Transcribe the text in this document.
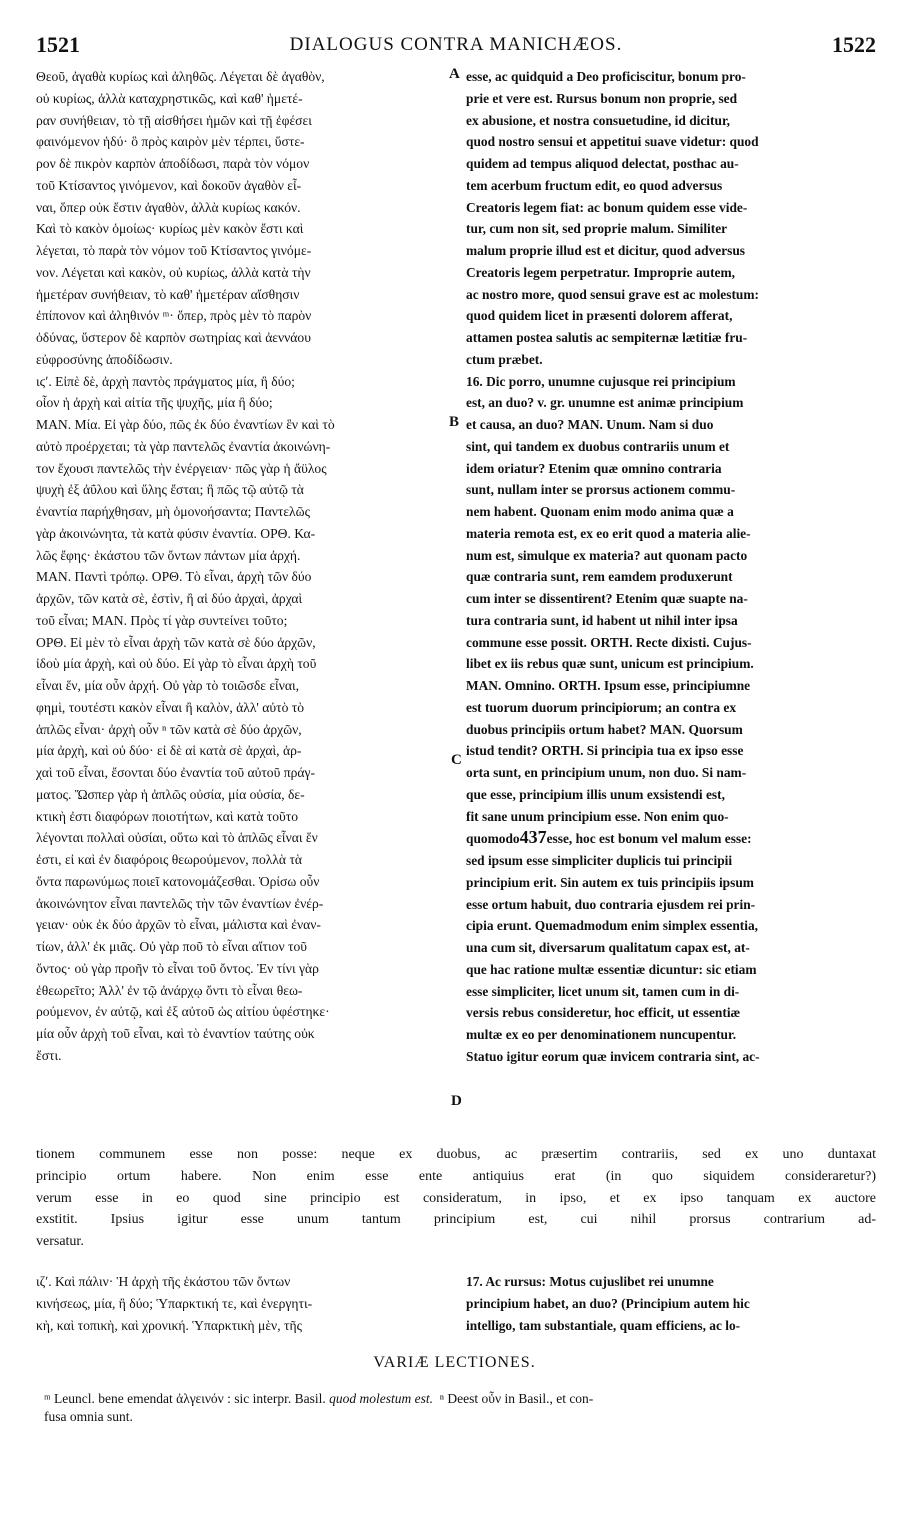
1521	DIALOGUS CONTRA MANICHÆOS.	1522
Θεοῦ, ἀγαθὰ κυρίως καὶ ἀληθῶς. Λέγεται δὲ ἀγαθὸν,
οὐ κυρίως, ἀλλὰ καταχρηστικῶς, καὶ καθ' ἡμετέ-
ραν συνήθειαν, τὸ τῇ αἰσθήσει ἡμῶν καὶ τῇ ἐφέσει
φαινόμενον ἡδύ· ὃ πρὸς καιρὸν μὲν τέρπει, ὕστε-
ρον δὲ πικρὸν καρπὸν ἀποδίδωσι, παρὰ τὸν νόμον
τοῦ Κτίσαντος γινόμενον, καὶ δοκοῦν ἀγαθὸν εἶ-
ναι, ὅπερ οὐκ ἔστιν ἀγαθὸν, ἀλλὰ κυρίως κακόν.
Καὶ τὸ κακὸν ὁμοίως· κυρίως μὲν κακὸν ἔστι καὶ
λέγεται, τὸ παρὰ τὸν νόμον τοῦ Κτίσαντος γινόμε-
νον. Λέγεται καὶ κακὸν, οὐ κυρίως, ἀλλὰ κατὰ τὴν
ἡμετέραν συνήθειαν, τὸ καθ' ἡμετέραν αἴσθησιν
ἐπίπονον καὶ ἀληθινόν ᵐ· ὅπερ, πρὸς μὲν τὸ παρὸν
ὀδύνας, ὕστερον δὲ καρπὸν σωτηρίας καὶ ἀεννάου
εὐφροσύνης ἀποδίδωσιν.
ιϛʹ. Εἰπὲ δὲ, ἀρχὴ παντὸς πράγματος μία, ἢ δύο;
οἷον ἡ ἀρχὴ καὶ αἰτία τῆς ψυχῆς, μία ἢ δύο;
ΜΑΝ. Μία. Εἰ γὰρ δύο, πῶς ἐκ δύο ἐναντίων ἓν καὶ τὸ
αὐτὸ προέρχεται; τὰ γὰρ παντελῶς ἐναντία ἀκοινώνη-
τον ἔχουσι παντελῶς τὴν ἐνέργειαν· πῶς γὰρ ἡ ἄϋλος
ψυχὴ ἐξ ἀΰλου καὶ ὕλης ἔσται; ἢ πῶς τῷ αὐτῷ τὰ
ἐναντία παρήχθησαν, μὴ ὁμονοήσαντα; Παντελῶς
γὰρ ἀκοινώνητα, τὰ κατὰ φύσιν ἐναντία. ΟΡΘ. Κα-
λῶς ἔφης· ἑκάστου τῶν ὄντων πάντων μία ἀρχή.
ΜΑΝ. Παντὶ τρόπῳ. ΟΡΘ. Τὸ εἶναι, ἀρχὴ τῶν δύο
ἀρχῶν, τῶν κατὰ σὲ, ἐστὶν, ἢ αἱ δύο ἀρχαὶ, ἀρχαὶ
τοῦ εἶναι; ΜΑΝ. Πρὸς τί γὰρ συντείνει τοῦτο;
ΟΡΘ. Εἰ μὲν τὸ εἶναι ἀρχὴ τῶν κατὰ σὲ δύο ἀρχῶν,
ἰδοὺ μία ἀρχὴ, καὶ οὐ δύο. Εἰ γὰρ τὸ εἶναι ἀρχὴ τοῦ
εἶναι ἕν, μία οὖν ἀρχή. Οὐ γὰρ τὸ τοιῶσδε εἶναι,
φημὶ, τουτέστι κακὸν εἶναι ἢ καλὸν, ἀλλ' αὐτὸ τὸ
ἁπλῶς εἶναι· ἀρχὴ οὖν ⁿ τῶν κατὰ σὲ δύο ἀρχῶν,
μία ἀρχὴ, καὶ οὐ δύο· εἰ δὲ αἱ κατὰ σὲ ἀρχαὶ, ἀρ-
χαὶ τοῦ εἶναι, ἔσονται δύο ἐναντία τοῦ αὐτοῦ πράγ-
ματος. Ὥσπερ γὰρ ἡ ἁπλῶς οὐσία, μία οὐσία, δε-
κτικὴ ἐστι διαφόρων ποιοτήτων, καὶ κατὰ τοῦτο
λέγονται πολλαὶ οὐσίαι, οὕτω καὶ τὸ ἁπλῶς εἶναι ἕν
ἐστι, εἰ καὶ ἐν διαφόροις θεωρούμενον, πολλὰ τὰ
ὄντα παρωνύμως ποιεῖ κατονομάζεσθαι. Ὁρίσω οὖν
ἀκοινώνητον εἶναι παντελῶς τὴν τῶν ἐναντίων ἐνέρ-
γειαν· οὐκ ἐκ δύο ἀρχῶν τὸ εἶναι, μάλιστα καὶ ἐναν-
τίων, ἀλλ' ἐκ μιᾶς. Οὐ γὰρ ποῦ τὸ εἶναι αἴτιον τοῦ
ὄντος· οὐ γὰρ προῆν τὸ εἶναι τοῦ ὄντος. Ἐν τίνι γὰρ
ἐθεωρεῖτο; Ἀλλ' ἐν τῷ ἀνάρχῳ ὄντι τὸ εἶναι θεω-
ρούμενον, ἐν αὐτῷ, καὶ ἐξ αὐτοῦ ὡς αἰτίου ὑφέστηκε·
μία οὖν ἀρχὴ τοῦ εἶναι, καὶ τὸ ἐναντίον ταύτης οὐκ
ἔστι.
esse, ac quidquid a Deo proficiscitur, bonum pro-
prie et vere est. Rursus bonum non proprie, sed
ex abusione, et nostra consuetudine, id dicitur,
quod nostro sensui et appetitui suave videtur: quod
quidem ad tempus aliquod delectat, posthac au-
tem acerbum fructum edit, eo quod adversus
Creatoris legem fiat: ac bonum quidem esse vide-
tur, cum non sit, sed proprie malum. Similiter
malum proprie illud est et dicitur, quod adversus
Creatoris legem perpetratur. Improprie autem,
ac nostro more, quod sensui grave est ac molestum:
quod quidem licet in præsenti dolorem afferat,
attamen postea salutis ac sempiternæ lætitiæ fru-
ctum præbet.
16. Dic porro, unumne cujusque rei principium
est, an duo? v. gr. unumne est animæ principium
et causa, an duo? MAN. Unum. Nam si duo
sint, qui tandem ex duobus contrariis unum et
idem oriatur? Etenim quæ omnino contraria
sunt, nullam inter se prorsus actionem commu-
nem habent. Quonam enim modo anima quæ a
materia remota est, ex eo erit quod a materia alie-
num est, simulque ex materia? aut quonam pacto
quæ contraria sunt, rem eamdem produxerunt
cum inter se dissentirent? Etenim quæ suapte na-
tura contraria sunt, id habent ut nihil inter ipsa
commune esse possit. ORTH. Recte dixisti. Cujus-
libet ex iis rebus quæ sunt, unicum est principium.
MAN. Omnino. ORTH. Ipsum esse, principiumne
est tuorum duorum principiorum; an contra ex
duobus principiis ortum habet? MAN. Quorsum
istud tendit? ORTH. Si principia tua ex ipso esse
orta sunt, en principium unum, non duo. Si nam-
que esse, principium illis unum exsistendi est,
fit sane unum principium esse. Non enim quo-
quomodo437esse, hoc est bonum vel malum esse:
sed ipsum esse simpliciter duplicis tui principii
principium erit. Sin autem ex tuis principiis ipsum
esse ortum habuit, duo contraria ejusdem rei prin-
cipia erunt. Quemadmodum enim simplex essentia,
una cum sit, diversarum qualitatum capax est, at-
que hac ratione multæ essentiæ dicuntur: sic etiam
esse simpliciter, licet unum sit, tamen cum in di-
versis rebus consideretur, hoc efficit, ut essentiæ
multæ ex eo per denominationem nuncupentur.
Statuo igitur eorum quæ invicem contraria sint, ac-
A
B
C
D
tionem communem esse non posse: neque ex duobus, ac præsertim contrariis, sed ex uno duntaxat
principio ortum habere. Non enim esse ente antiquius erat (in quo siquidem consideraretur?)
verum esse in eo quod sine principio est consideratum, in ipso, et ex ipso tanquam ex auctore
exstitit. Ipsius igitur esse unum tantum principium est, cui nihil prorsus contrarium ad-
versatur.
ιζʹ. Καὶ πάλιν· Ἡ ἀρχὴ τῆς ἑκάστου τῶν ὄντων
κινήσεως, μία, ἢ δύο; Ὑπαρκτική τε, καὶ ἐνεργητι-
κὴ, καὶ τοπικὴ, καὶ χρονική. Ὑπαρκτικὴ μὲν, τῆς
17. Ac rursus: Motus cujuslibet rei unumne
principium habet, an duo? (Principium autem hic
intelligo, tam substantiale, quam efficiens, ac lo-
VARIÆ LECTIONES.
ᵐ Leuncl. bene emendat ἀλγεινόν : sic interpr. Basil. quod molestum est. ⁿ Deest οὖν in Basil., et con-
fusa omnia sunt.
